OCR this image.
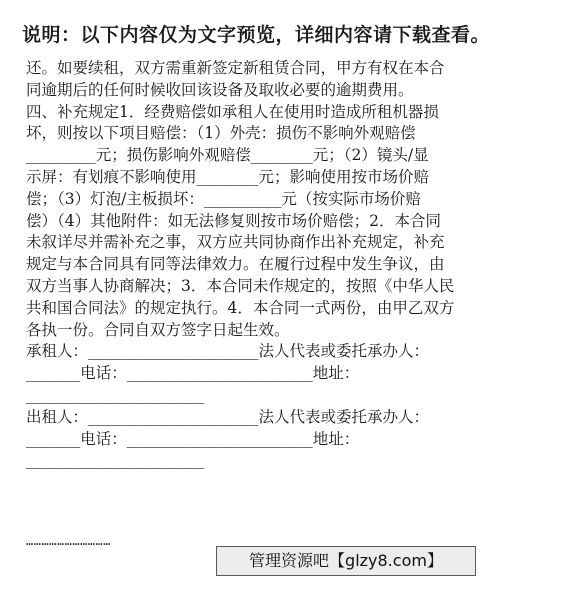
说明：以下内容仅为文字预览，详细内容请下载查看。
还。如要续租，双方需重新签定新租赁合同，甲方有权在本合
同逾期后的任何时候收回该设备及取收必要的逾期费用。
四、补充规定1．经费赔偿如承租人在使用时造成所租机器损
坏，则按以下项目赔偿：（1）外壳：损伤不影响外观赔偿
_________元；损伤影响外观赔偿________元；（2）镜头/显
示屏：有划痕不影响使用________元；影响使用按市场价赔
偿；（3）灯泡/主板损坏：__________元（按实际市场价赔
偿）（4）其他附件：如无法修复则按市场价赔偿；2．本合同
未叙详尽并需补充之事，双方应共同协商作出补充规定，补充
规定与本合同具有同等法律效力。在履行过程中发生争议，由
双方当事人协商解决；3．本合同未作规定的，按照《中华人民
共和国合同法》的规定执行。4．本合同一式两份，由甲乙双方
各执一份。合同自双方签字日起生效。
承租人：______________________法人代表或委托承办人：
_______电话：________________________地址：
_______________________
出租人：______________________法人代表或委托承办人：
_______电话：________________________地址：
_______________________
……………………………
管理资源吧【glzy8.com】
